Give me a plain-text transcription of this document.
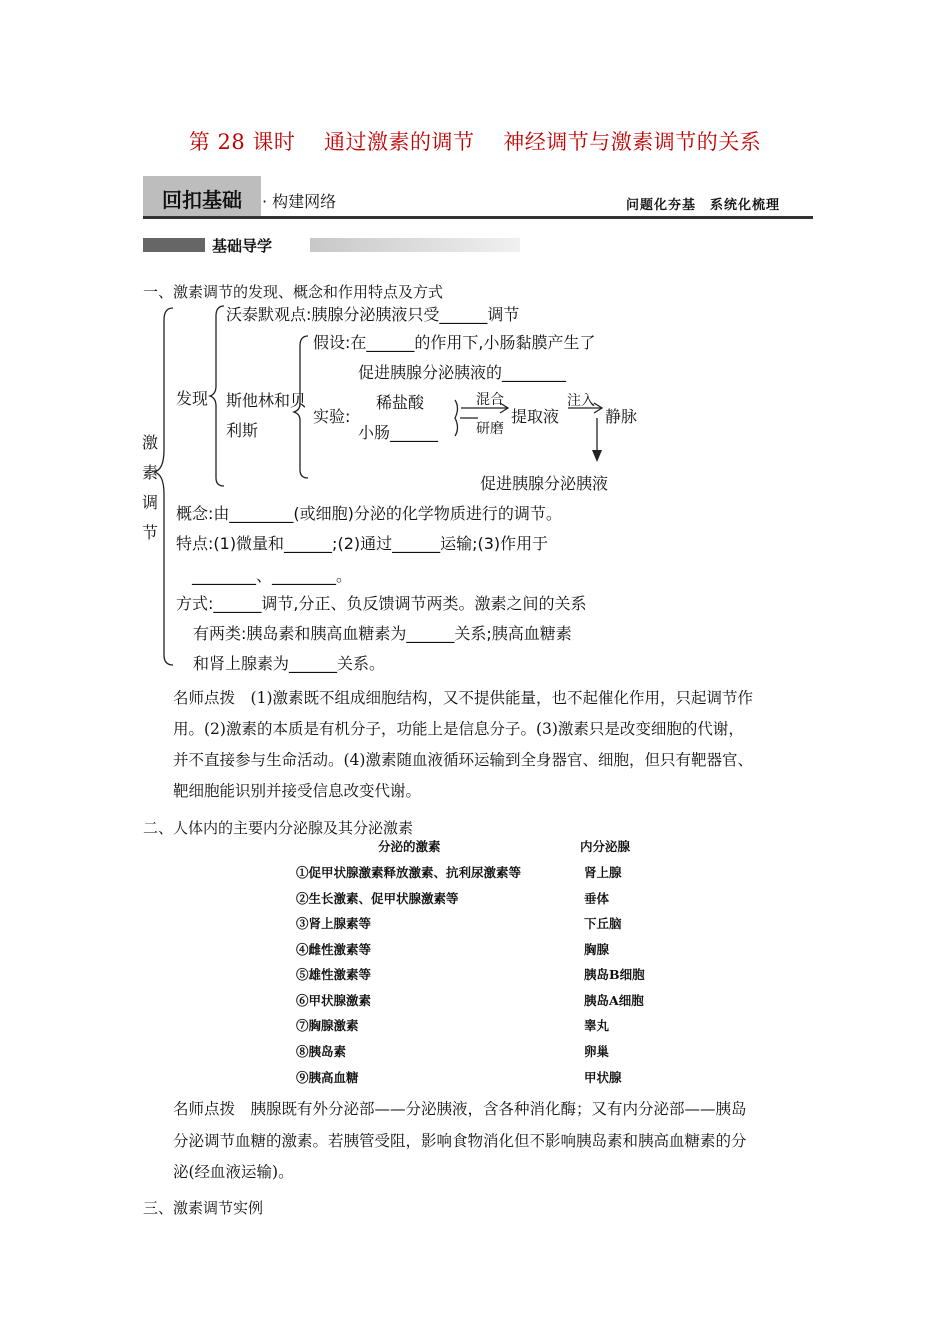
第 28 课时　 通过激素的调节　 神经调节与激素调节的关系
回扣基础 · 构建网络	问题化夯基　系统化梳理
基础导学
一、激素调节的发现、概念和作用特点及方式
激素调节
沃泰默观点:胰腺分泌胰液只受______调节
发现 斯他林和贝利斯
假设:在______的作用下,小肠黏膜产生了
促进胰腺分泌胰液的________
稀盐酸
实验:
小肠______
混合
研磨
提取液
注入
静脉
促进胰腺分泌胰液
概念:由________(或细胞)分泌的化学物质进行的调节。
特点:(1)微量和______;(2)通过______运输;(3)作用于
________、________。
方式:______调节,分正、负反馈调节两类。激素之间的关系
有两类:胰岛素和胰高血糖素为______关系;胰高血糖素
和肾上腺素为______关系。
名师点拨　 (1)激素既不组成细胞结构，又不提供能量，也不起催化作用，只起调节作
用。(2)激素的本质是有机分子，功能上是信息分子。(3)激素只是改变细胞的代谢，
并不直接参与生命活动。(4)激素随血液循环运输到全身器官、细胞，但只有靶器官、
靶细胞能识别并接受信息改变代谢。
二、人体内的主要内分泌腺及其分泌激素
分泌的激素	内分泌腺
①促甲状腺激素释放激素、抗利尿激素等
②生长激素、促甲状腺激素等
③肾上腺素等
④雌性激素等
⑤雄性激素等
⑥甲状腺激素
⑦胸腺激素
⑧胰岛素
⑨胰高血糖
肾上腺
垂体
下丘脑
胸腺
胰岛B细胞
胰岛A细胞
睾丸
卵巢
甲状腺
名师点拨　 胰腺既有外分泌部——分泌胰液，含各种消化酶；又有内分泌部——胰岛
分泌调节血糖的激素。若胰管受阻，影响食物消化但不影响胰岛素和胰高血糖素的分
泌(经血液运输)。
三、激素调节实例
